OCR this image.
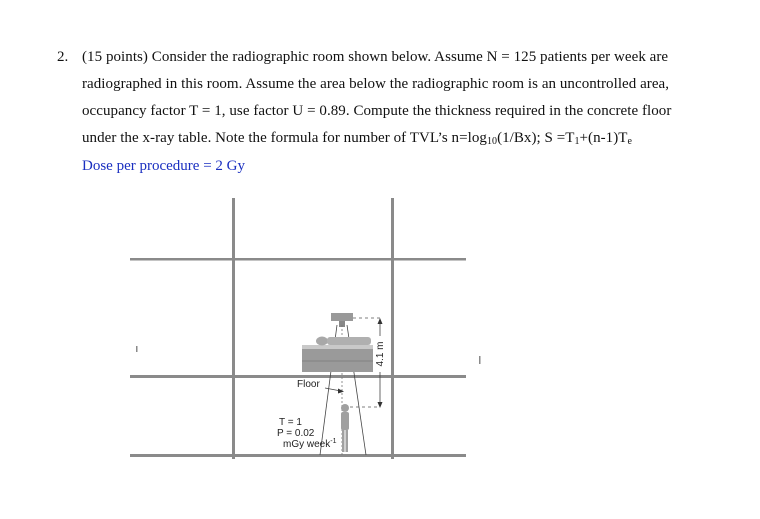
2. (15 points) Consider the radiographic room shown below. Assume N = 125 patients per week are
radiographed in this room. Assume the area below the radiographic room is an uncontrolled area,
occupancy factor T = 1, use factor U = 0.89. Compute the thickness required in the concrete floor
under the x-ray table. Note the formula for number of TVL’s $n=\log_{10}(1/Bx)$; $S =T_1+(n-1)T_e$
Dose per procedure = 2 Gy
4.1 m
Floor
T = 1
P = 0.02
mGy week$^{-1}$
